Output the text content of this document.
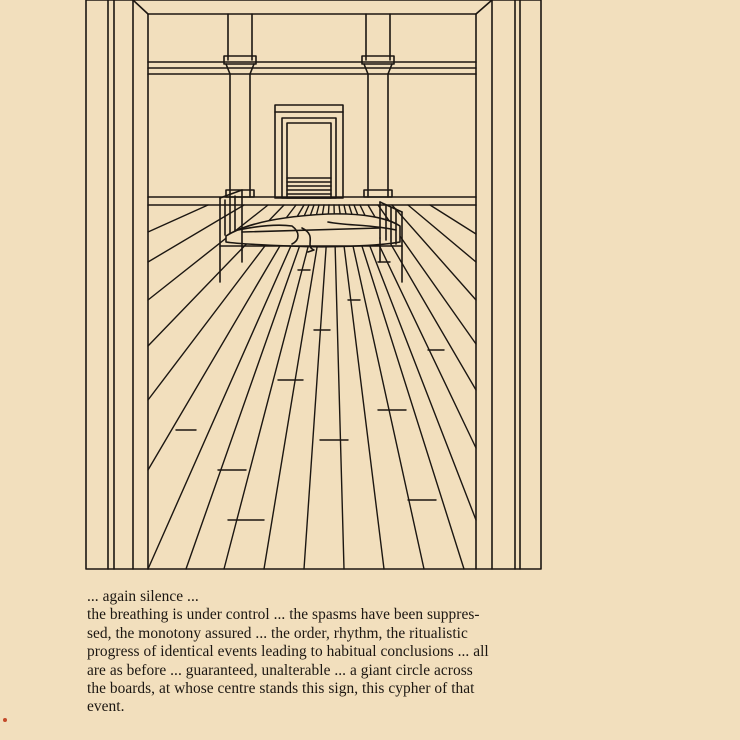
... again silence ...
the breathing is under control ... the spasms have been suppres-
sed, the monotony assured ... the order, rhythm, the ritualistic
progress of identical events leading to habitual conclusions ... all
are as before ... guaranteed, unalterable ... a giant circle across
the boards, at whose centre stands this sign, this cypher of that
event.
